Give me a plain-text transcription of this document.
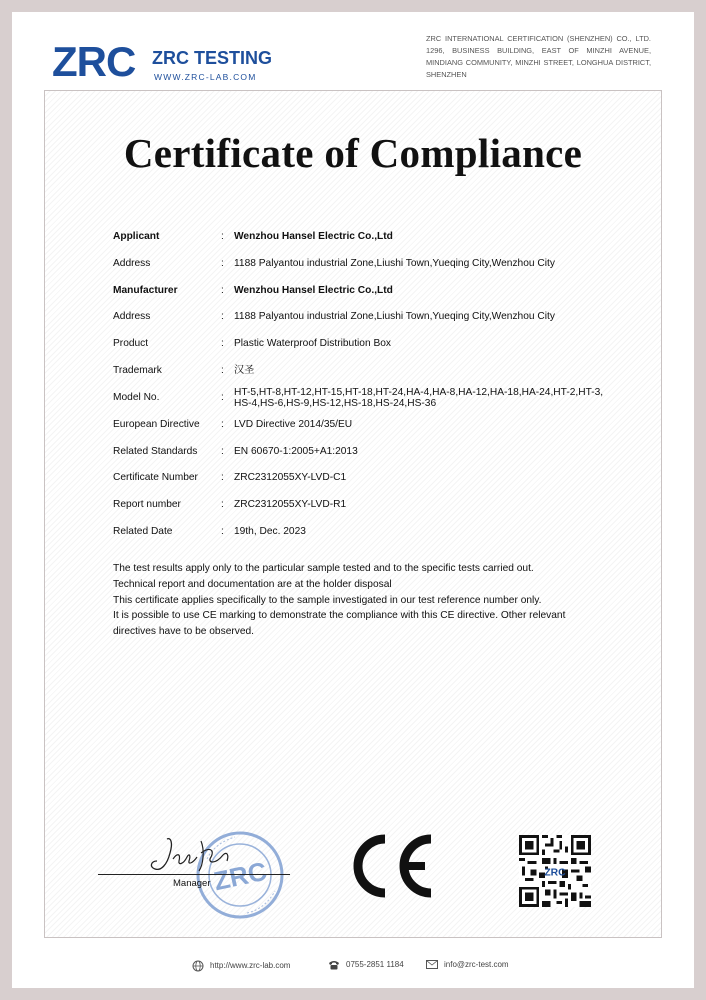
ZRC ZRC TESTING
WWW.ZRC-LAB.COM
ZRC INTERNATIONAL CERTIFICATION (SHENZHEN) CO., LTD. 1296, BUSINESS BUILDING, EAST OF MINZHI AVENUE, MINDIANG COMMUNITY, MINZHI STREET, LONGHUA DISTRICT, SHENZHEN
Certificate of Compliance
Applicant	: Wenzhou Hansel Electric Co.,Ltd
Address	: 1188 Palyantou industrial Zone,Liushi Town,Yueqing City,Wenzhou City
Manufacturer	: Wenzhou Hansel Electric Co.,Ltd
Address	: 1188 Palyantou industrial Zone,Liushi Town,Yueqing City,Wenzhou City
Product	: Plastic Waterproof Distribution Box
Trademark	: 汉圣
Model No.	: HT-5,HT-8,HT-12,HT-15,HT-18,HT-24,HA-4,HA-8,HA-12,HA-18,HA-24,HT-2,HT-3,HS-4,HS-6,HS-9,HS-12,HS-18,HS-24,HS-36
European Directive	: LVD Directive 2014/35/EU
Related Standards	: EN 60670-1:2005+A1:2013
Certificate Number	: ZRC2312055XY-LVD-C1
Report number	: ZRC2312055XY-LVD-R1
Related Date	: 19th, Dec. 2023
The test results apply only to the particular sample tested and to the specific tests carried out.
Technical report and documentation are at the holder disposal
This certificate applies specifically to the sample investigated in our test reference number only.
It is possible to use CE marking to demonstrate the compliance with this CE directive. Other relevant directives have to be observed.
ZRC
Manager
ZRC
http://www.zrc-lab.com	0755-2851 1184	info@zrc-test.com
